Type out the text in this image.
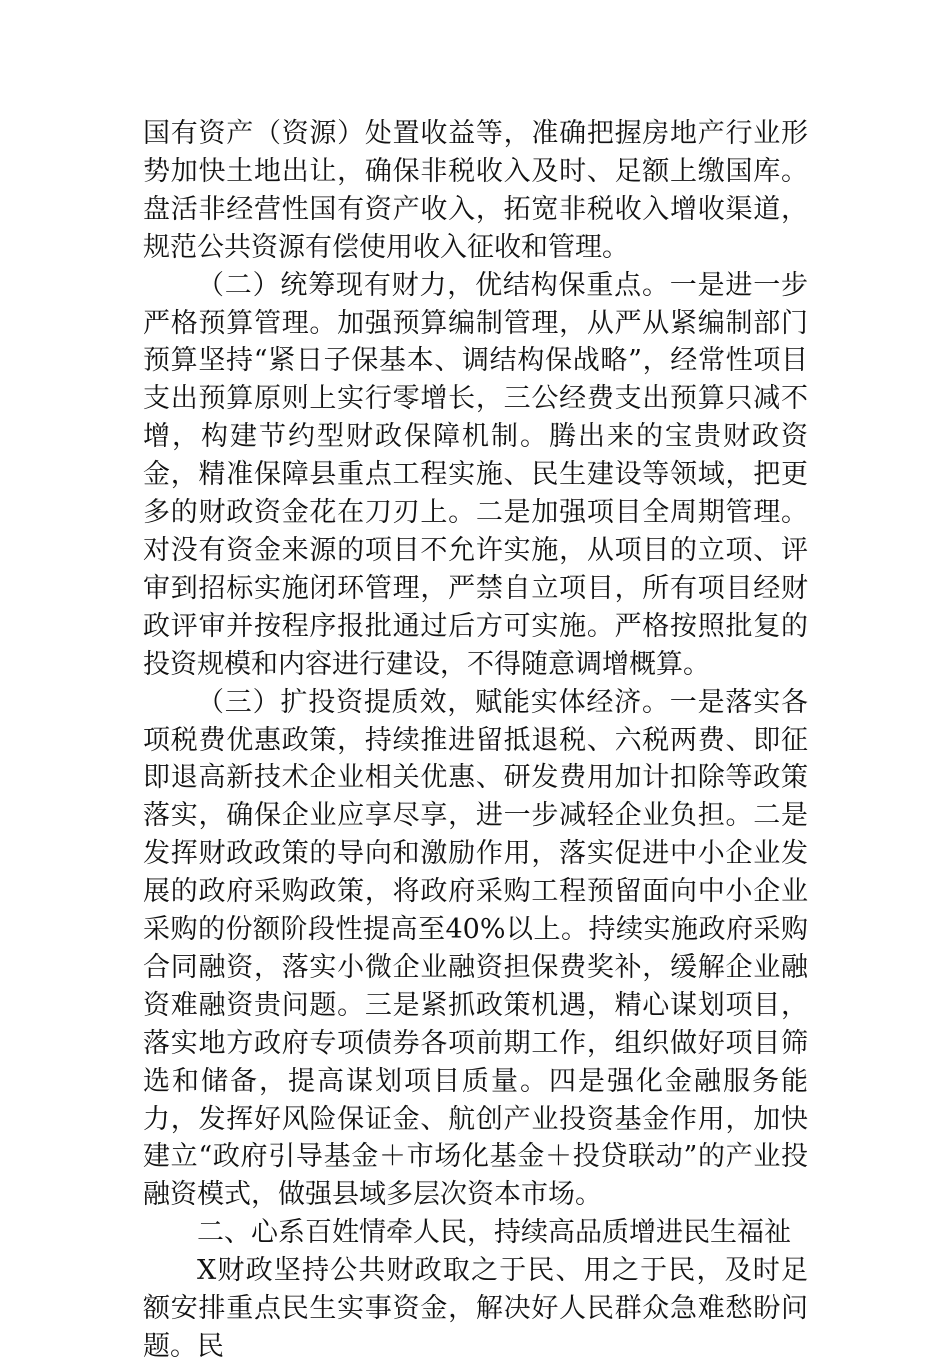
国有资产（资源）处置收益等，准确把握房地产行业形势加快土地出让，确保非税收入及时、足额上缴国库。盘活非经营性国有资产收入，拓宽非税收入增收渠道，规范公共资源有偿使用收入征收和管理。

（二）统筹现有财力，优结构保重点。一是进一步严格预算管理。加强预算编制管理，从严从紧编制部门预算坚持“紧日子保基本、调结构保战略”，经常性项目支出预算原则上实行零增长，三公经费支出预算只减不增，构建节约型财政保障机制。腾出来的宝贵财政资金，精准保障县重点工程实施、民生建设等领域，把更多的财政资金花在刀刃上。二是加强项目全周期管理。对没有资金来源的项目不允许实施，从项目的立项、评审到招标实施闭环管理，严禁自立项目，所有项目经财政评审并按程序报批通过后方可实施。严格按照批复的投资规模和内容进行建设，不得随意调增概算。

（三）扩投资提质效，赋能实体经济。一是落实各项税费优惠政策，持续推进留抵退税、六税两费、即征即退高新技术企业相关优惠、研发费用加计扣除等政策落实，确保企业应享尽享，进一步减轻企业负担。二是发挥财政政策的导向和激励作用，落实促进中小企业发展的政府采购政策，将政府采购工程预留面向中小企业采购的份额阶段性提高至40%以上。持续实施政府采购合同融资，落实小微企业融资担保费奖补，缓解企业融资难融资贵问题。三是紧抓政策机遇，精心谋划项目，落实地方政府专项债券各项前期工作，组织做好项目筛选和储备，提高谋划项目质量。四是强化金融服务能力，发挥好风险保证金、航创产业投资基金作用，加快建立“政府引导基金＋市场化基金＋投贷联动”的产业投融资模式，做强县域多层次资本市场。

二、心系百姓情牵人民，持续高品质增进民生福祉

X财政坚持公共财政取之于民、用之于民，及时足额安排重点民生实事资金，解决好人民群众急难愁盼问题。民
